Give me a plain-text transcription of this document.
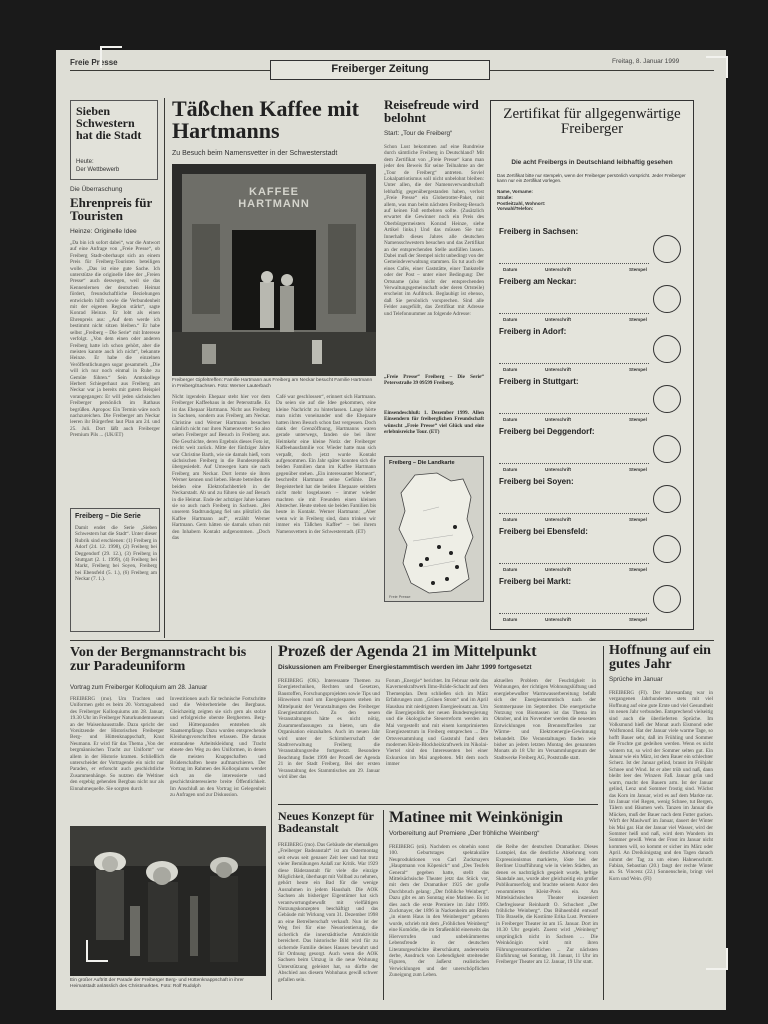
Freie Presse
Freiberger Zeitung
Freitag, 8. Januar 1999
Sieben Schwestern hat die Stadt
Heute:
Der Wettbewerb
Die Überraschung
Ehrenpreis für Touristen
Heinze: Originelle Idee
„Da bin ich sofort dabei“, war die Antwort auf eine Anfrage von „Freie Presse“, ob Freiberg Stadt-oberhaupt sich an einem Preis für Freiberg-Touristen beteiligen wolle. „Das ist eine gute Sache. Ich unterstütze die originelle Idee der „Freien Presse“ auch deswegen, weil sie das Kennenlernen der deutschen Heimat fördert, freundschaftliche Beziehungen entwickeln hilft sowie die Verbundenheit mit der eigenen Region stärkt“, sagte Konrad Heinze. Er lobt als einen Ehrenpreis aus: „Auf dem werde ich bestimmt nicht sitzen bleiben.“ Er habe selbst „Freiberg – Die Serie“ mit Interesse verfolgt. „Von dem einen oder anderen Freiberg hatte ich schon gehört, aber die meisten kannte auch ich nicht“, bekannte Heinze. Er habe die einzelnen Veröffentlichungen sogar gesammelt. „Die will ich nur noch einmal in Ruhe zu Gemüte führen.“ Sein Amtskollege Herbert Schiegerhaut aus Freiberg am Neckar war ja bereits mit gutem Beispiel vorangegangen: Er will jeden sächsischen Freiberger persönlich im Rathaus begrüßen. Apropos: Ein Termin wäre noch nachzureichen. Die Freiberger am Neckar leeren ihr Bürgerfest laut Plan am 24. und 25. Juli. Dort läßt auch Freiberger Premium Pils ... (UK/ET)
Freiberg – Die Serie
Damit endet die Serie „Sieben Schwestern hat die Stadt“. Unter dieser Rubrik sind erschienen: (1) Freiberg in Adorf (24. 12. 1998), (2) Freiberg bei Deggendorf (29. 12.), (3) Freiberg in Stuttgart (2. 1. 1999), (4) Freiberg bei Markt, Freiberg bei Soyen, Freiberg bei Ebensfeld (5. 1.), (6) Freiberg am Neckar (7. 1.).
Täßchen Kaffee mit Hartmanns
Zu Besuch beim Namensvetter in der Schwesterstadt
KAFFEE HARTMANN
Freiberger Gipfeltreffen: Familie Hartmann aus Freiberg am Neckar besucht Familie Hartmann in Freiberg/Sachsen. Foto: Werner Lauterbach
Nicht irgendein Ehepaar steht hier vor dem Freiberger Kaffeehaus in der Petersstraße. Es ist das Ehepaar Hartmann. Nicht aus Freiberg in Sachsen, sondern aus Freiberg am Neckar. Christine und Werner Hartmann besuchen nämlich nicht nur ihren Namensvetter: So also sehen Freiberger auf Besuch in Freiberg aus. Die Geschichte, deren Ergebnis dieses Foto ist, reicht weit zurück. Mitte der fünfziger Jahre war Christine Barth, wie sie damals hieß, vom sächsischen Freiberg in die Bundesrepublik übergesiedelt. Auf Umwegen kam sie nach Freiberg am Neckar. Dort lernte sie ihren Werner kennen und lieben. Heute betreiben die beiden eine Elektrofachbetrieb in der Neckarstadt. Ab und zu führen sie auf Besuch in die Heimat. Ende der achtziger Jahre kamen sie so auch nach Freiberg in Sachsen. „Bei unserem Stadtrundgang fiel uns plötzlich das Kaffee Hartmann auf“, erzählt Werner Hartmann. Gern hätten sie damals schon mit den Inhabern Kontakt aufgenommen. „Doch das
Café war geschlossen“, erinnert sich Hartmann. Da seien sie auf die Idee gekommen, eine kleine Nachricht zu hinterlassen. Lange hörte man nichts voneinander und die Ehepaare hatten ihren Besuch schon fast vergessen. Doch dank der Grenzöffnung, Hartmanns waren gerade unterwegs, fanden sie bei ihrer Heimkehr eine kleine Notiz der Freiberger Kaffeehausfamilie vor. Wieder hatte man sich verpaßt, doch jetzt wurde Kontakt aufgenommen. Ein Jahr später konnten sich die beiden Familien dann im Kaffee Hartmann gegenüber stehen. „Ein interessanter Moment“, beschreibt Hartmann seine Gefühle. Die Begeisterheit hat die beiden Ehepaare seitdem nicht mehr losgelassen – immer wieder machten sie mit Freunden einen kleinen Abstecher. Heute stehen sie beiden Familien bis heute in Kontakt. Werner Hartmann: „Aber wenn wir in Freiberg sind, dann trinken wir immer ein Täßchen Kaffee“ – bei ihrem Namensvettern in der Schwesterstadt. (ET)
Reisefreude wird belohnt
Start: „Tour de Freiberg“
Schon Lust bekommen auf eine Rundreise durch sämtliche Freiberg in Deutschland? Mit dem Zertifikat von „Freie Presse“ kann man jeder den Beweis für seine Teilnahme an der „Tour de Freiberg“ antreten. Soviel Lokalpatriotismus soll nicht unbelohnt bleiben: Unter allen, die der Namensverwandtschaft lebhaftig gegenübergestanden haben, verlost „Freie Presse“ ein Globetrotter-Paket, mit allem, was man beim nächsten Freiberg-Besuch auf keinen Fall entbehren sollte. (Zusätzlich erwartet die Gewinner noch ein Preis des Oberbürgermeisters Konrad Heinze, siehe Artikel links.) Und das müssen Sie tun: Innerhalb dieses Jahres alle deutschen Namensschwestern besuchen und das Zertifikat an der entsprechenden Stelle ausfüllen lassen. Dabei muß der Stempel nicht unbedingt von der Gemeindeverwaltung stammen. Es tut auch der eines Cafés, einer Gaststätte, einer Tankstelle oder der Post – unter einer Bedingung: Der Ortsname (also nicht der entsprechenden Verwaltungsgemeinschaft oder deren Ortsteile) erscheint im Aufdruck. Beglaubigt ist ebenso, daß Sie persönlich vorsprechen. Sind alle Felder ausgefüllt, das Zertifikat mit Adresse und Telefonnummer an folgende Adresse:
„Freie Presse“ Freiberg – Die Serie“ Petersstraße 39 09599 Freiberg.
Einsendeschluß: 1. Dezember 1999. Allen Einsendern für freiberglichen Freundschaft wünscht „Freie Presse“ viel Glück und eine erlebnisreiche Tour. (ET)
Freiberg – Die Landkarte
Freie Presse
Zertifikat für allgegenwärtige Freiberger
Die acht Freibergs in Deutschland leibhaftig gesehen
Das Zertifikat bitte nur stempeln, wenn der Freiberger persönlich vorspricht. Jeder Freiberger kann nur ein Zertifikat vorlegen.
Name, Vorname:
Straße:
Postleitzahl, Wohnort:
Vorwahl/Telefon:
Freiberg in Sachsen:
Datum	Unterschrift	Stempel
Freiberg am Neckar:
Datum	Unterschrift	Stempel
Freiberg in Adorf:
Datum	Unterschrift	Stempel
Freiberg in Stuttgart:
Datum	Unterschrift	Stempel
Freiberg bei Deggendorf:
Datum	Unterschrift	Stempel
Freiberg bei Soyen:
Datum	Unterschrift	Stempel
Freiberg bei Ebensfeld:
Datum	Unterschrift	Stempel
Freiberg bei Markt:
Datum	Unterschrift	Stempel
Von der Bergmannstracht bis zur Paradeuniform
Vortrag zum Freiberger Kolloquium am 28. Januar
FREIBERG (mo). Um Trachten und Uniformen geht es beim 20. Vortragsabend des Freiberger Kolloquiums am 28. Januar, 19.30 Uhr im Freiberger Naturkundemuseum an der Waisenhausstraße. Dazu spricht der Vorsitzende der Historischen Freiberger Berg- und Hüttenknappschaft, Knut Neumann. Er wird für das Thema „Von der bergmännischen Tracht zur Uniform“ vor allem in der Historie kramen. Schließlich unterscheidet der Vortragende ein nicht nur Paraden, er erforscht auch geschichtliche Zusammenhänge. So nutzten die Weltiner den ergebig gehenden Bergbau nicht nur als Einnahmequelle. Sie sorgten durch
Investitionen auch für technische Fortschritte und die Weiterbetriebe des Bergbaus. Gleichzeitig zeigten sie sich gern als stolze und erfolgreiche oberste Bergherren. Berg- und Hüttenparaden entstehen als Staatsempfänge. Dazu wurden entsprechende Kleidungsvorschriften erlassen. Die daraus entstandene Arbeitskleidung und Tracht ebnete den Weg zu den Uniformen, in denen die meisten Knappschaften und Brüderschaften heute aufmarschieren. Der Vortrag im Rahmen des Kolloquiums wendet sich an die interessierte und geschichtsinteressierte breite Öffentlichkeit. Im Anschluß an den Vortrag ist Gelegenheit zu Anfragen und zur Diskussion.
Ein großer Auftritt der Parade der Freiberger Berg- und Hüttenknappschaft in ihrer Heimatstadt anlässlich des Christmarktes. Foto: Rolf Rudolph
Prozeß der Agenda 21 im Mittelpunkt
Diskussionen am Freiberger Energiestammtisch werden im Jahr 1999 fortgesetzt
FREIBERG (OK). Interessante Themen zu Energietechniken, Rechten und Gesetzen, Baustoffen, Forschungsprojekten sowie Tips und Hinweisen rund um Energiesparen stehen im Mittelpunkt der Veranstaltungen des Freiberger Energiestammtisch. Zu den neuen Veranstaltungen hätte es nicht nötig, Zusammenfassungen zu bieten, um die Organisation einzuhalten. Auch im neuen Jahr wird unter der Schirmherrschaft der Stadtverwaltung Freiberg die Veranstaltungsreihe fortgesetzt. Besondere Beachtung findet 1999 der Prozeß der Agenda 21 in der Stadt Freiberg. Bei der ersten Veranstaltung des Stammtisches am 29. Januar wird über das
Forum „Energie“ berichtet. Im Februar steht das Kavernenkraftwerk Ilmo-Bräde-Schacht auf dem Themenplan. Dem schließen sich im März Erfahrungen zum „Grünen Strom“ und im April Hausbau mit niedrigstem Energieeinsatz an. Um die Energiepolitik der neuen Bundesregierung und die ökologische Steuerreform werden im Mai vorgestellt und mit einem komprimierten Energiezentrum in Freiberg entsprechen ... Die Ortsversammlung und Gaststuhl fand dem modernen Klein-Blockheizkraftwerk im Nikolai-Viertel sind den Interessenten bei einer Exkursion im Mai angeboten. Mit dem noch immer
aktuellen Problem der Feuchtigkeit in Wohnungen, der richtigen Wohnungslüftung und energiebewußter Warmwasserbereitung befaßt sich der Energiestammtisch nach der Sommerpause im September. Die energetische Nutzung von Biomassen ist das Thema im Oktober, und im November werden die neuesten Entwicklungen von Brennstoffzellen zur Wärme- und Elektroenergie-Gewinnung behandelt. Die Veranstaltungen finden wie bisher an jedem letzten Montag des genannten Monats ab 18 Uhr im Versammlungsraum der Stadtwerke Freiberg AG, Poststraße statt.
Neues Konzept für Badeanstalt
FREIBERG (mo). Das Gebäude der ehemaligen „Freiberger Badeanstalt“ ist am Ostermontag seit etwas seit genauer Zeit leer und hat trotz vieler Bemühungen Anlaß zur Kritik. War 1929 diese Bäderanstalt für viele die einzige Möglichkeit, überhaupt mit Vollbad zu nehmen, gehört heute ein Bad für die wenige Ausnahmen in jedem Haushalt. Die AOK Sachsen als bisheriger Eigentümer hat sich verantwortungsbewußt mit vielfältigen Nutzungskonzepten beschäftigt und das Gebäude mit Wirkung vom 31. Dezember 1998 an eine Betreiberschaft verkauft. Nun ist der Weg frei für eine Neuorientierung, die sicherlich die innerstädtische Attraktivität bereichert. Das historische Bild wird für zu sichernde Familie deines Hauses bewahrt und für Ordnung gesorgt. Auch wenn die AOK Sachsen beim Umzug in die neue Wohnung Unterstützung geleistet hat, so dürfte der Abschied aus diesem Wohnhaus gewiß schwer gefallen sein.
Matinee mit Weinkönigin
Vorbereitung auf Premiere „Der fröhliche Weinberg“
FREIBERG (stü). Nachdem es ohnehin sonst 100. Geburtstages spektakuläre Neuproduktionen von Carl Zuckmayers „Hauptmann von Köpenick“ und „Des Teufels General“ gegeben hatte, stellt das Mittelsächsische Theater jetzt das Stück vor, mit dem der Dramatiker 1925 der große Durchbruch gelang: „Der fröhliche Weinberg“. Dazu gibt es am Sonntag eine Matinee. Es ist dies auch die erste Premiere im Jahr 1999. Zuckmayer, der 1896 in Nackenheim am Rhein „in einem Haus in den Weinbergen“ geboren wurde, schrieb mit dem „Fröhlichen Weinberg“ eine Komödie, die im Straßenbild einerseits das Hiervorrufen und unbekümmertes Lebensfreude in der deutschen Literaturgeschichte überschäumt, andererseits derbe, Ausdruck von Lebendigkeit streitender Figuren, der äußerst realistischen Verwicklungen und der unerschöpflichen Zuneigung zum Leben.
die Reihe der deutschen Dramatiker. Dieses Lustspiel, das die deutliche Abkehrung vom Expressionismus markierte, löste bei der Berliner Uraufführung wie in vielen Städten, an denen es nachträglich gespielt wurde, heftige Skandale aus, wurde aber gleichzeitig ein großer Publikumserfolg und brachte seinem Autor den renommierten Kleist-Preis ein. Am Mittelsächsischen Theater inszeniert Chefregisseur Reinhardt O. Schuchert „Der fröhliche Weinberg“. Das Bühnenbild entwarf Tilo Braselle, die Kostüme Erika Lust. Premiere in Freiberger Theater ist am 15. Januar. Dort im 10.30 Uhr gespielt. Zuerst wird „Weinberg“ ursprünglich nicht in Sachsen ... Die Weinkönigin wird mit ihren Führungsverantwortlichen ... Zur nächsten Einführung sei Sonntag, 10. Januar, 11 Uhr im Freiberger Theater am 12. Januar, 19 Uhr statt.
Hoffnung auf ein gutes Jahr
Sprüche im Januar
FREIBERG (FI). Der Jahresanfang war in vergangenen Jahrhunderten stets mit viel Hoffnung auf eine gute Ernte und viel Gesundheit im neuen Jahr verbunden. Entsprechend vielseitig sind auch die überlieferten Sprüche. Im Volksmund hieß der Monat auch Eismond oder Wolfsmond. Hat der Januar viele warme Tage, so hofft Bauer sehr, daß im Frühling und Sommer die Fruchte gut gedeihen werden. Wenn es nicht wintern tut, so wird der Sommer selten gut. Ein Januar wie ein März, ist dem Bauer ein schlechter Scherz. Ist der Januar gelind, braust im Frühjahr Schnee und Wind. Ist er aber trüb und naß, dann bleibt leer des Winzers Faß. Januar grün und warm, macht den Bauern arm. Ist der Januar gelind, Lenz und Sommer frostig sind. Wächst das Korn im Januar, wird es auf dem Markte rar. Im Januar viel Regen, wenig Schnee, tut Bergen, Tälern und Bäumen weh. Tanzen im Januar die Mücken, muß der Bauer nach dem Futter gucken. Wirft der Maulwurf im Januar, dauert der Winter bis Mai gar. Hat der Januar viel Wasser, wird der Sommer heiß und naß, wird dem Wandern im Sommer gewiß. Wenn der Frost im Januar nicht kommen will, so kommt er sicher im März oder April. An Dreikönigstag und den Tagen danach nimmt der Tag zu um einen Hahnenschritt. Fabian, Sebastian (20.) fangt der rechte Winter an. St. Vincenz (22.) Sonnenschein, bringt viel Korn und Wein. (FI)
